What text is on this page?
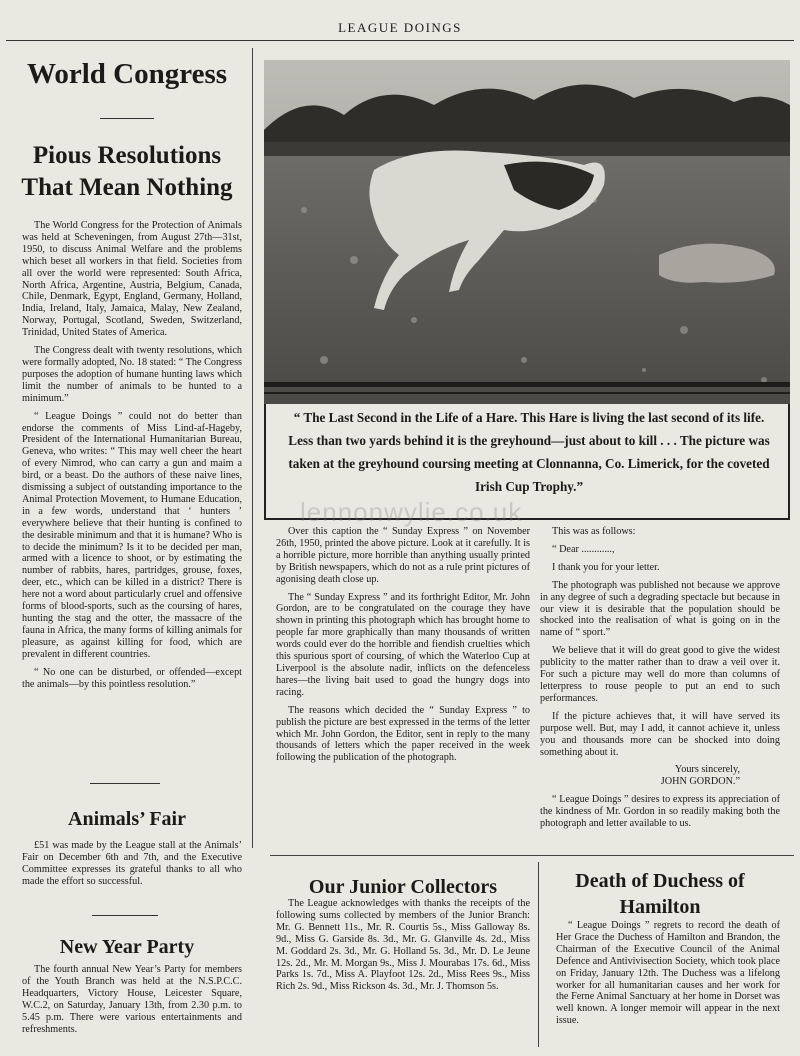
LEAGUE DOINGS
World Congress
Pious Resolutions That Mean Nothing

The World Congress for the Protection of Animals was held at Scheveningen, from August 27th—31st, 1950, to discuss Animal Welfare and the problems which beset all workers in that field. Societies from all over the world were represented: South Africa, North Africa, Argentine, Austria, Belgium, Canada, Chile, Denmark, Egypt, England, Germany, Holland, India, Ireland, Italy, Jamaica, Malay, New Zealand, Norway, Portugal, Scotland, Sweden, Switzerland, Trinidad, United States of America.

The Congress dealt with twenty resolutions, which were formally adopted, No. 18 stated: “ The Congress purposes the adoption of humane hunting laws which limit the number of animals to be hunted to a minimum.”

“ League Doings ” could not do better than endorse the comments of Miss Lind-af-Hageby, President of the International Humanitarian Bureau, Geneva, who writes: “ This may well cheer the heart of every Nimrod, who can carry a gun and maim a bird, or a beast. Do the authors of these naive lines, dismissing a subject of outstanding importance to the Animal Protection Movement, to Humane Education, in a few words, understand that ‘ hunters ’ everywhere believe that their hunting is confined to the desirable minimum and that it is humane? Who is to decide the minimum? Is it to be decided per man, armed with a licence to shoot, or by estimating the number of rabbits, hares, partridges, grouse, foxes, deer, etc., which can be killed in a district? There is here not a word about particularly cruel and offensive forms of blood-sports, such as the coursing of hares, hunting the stag and the otter, the massacre of the fauna in Africa, the many forms of killing animals for pleasure, as against killing for food, which are prevalent in different countries.

“ No one can be disturbed, or offended—except the animals—by this pointless resolution.”

Animals’ Fair

£51 was made by the League stall at the Animals’ Fair on December 6th and 7th, and the Executive Committee expresses its grateful thanks to all who made the effort so successful.

New Year Party

The fourth annual New Year’s Party for members of the Youth Branch was held at the N.S.P.C.C. Headquarters, Victory House, Leicester Square, W.C.2, on Saturday, January 13th, from 2.30 p.m. to 5.45 p.m. There were various entertainments and refreshments.

“ The Last Second in the Life of a Hare. This Hare is living the last second of its life. Less than two yards behind it is the greyhound—just about to kill . . . The picture was taken at the greyhound coursing meeting at Clonnanna, Co. Limerick, for the coveted Irish Cup Trophy.”
lennonwylie.co.uk

Over this caption the “ Sunday Express ” on November 26th, 1950, printed the above picture. Look at it carefully. It is a horrible picture, more horrible than anything usually printed by British newspapers, which do not as a rule print pictures of agonising death close up.

The “ Sunday Express ” and its forthright Editor, Mr. John Gordon, are to be congratulated on the courage they have shown in printing this photograph which has brought home to people far more graphically than many thousands of written words could ever do the horrible and fiendish cruelties which this spurious sport of coursing, of which the Waterloo Cup at Liverpool is the absolute nadir, inflicts on the defenceless hares—the living bait used to goad the hungry dogs into racing.

The reasons which decided the “ Sunday Express ” to publish the picture are best expressed in the terms of the letter which Mr. John Gordon, the Editor, sent in reply to the many thousands of letters which the paper received in the week following the publication of the photograph.

This was as follows:

“ Dear ............,

I thank you for your letter.

The photograph was published not because we approve in any degree of such a degrading spectacle but because in our view it is desirable that the population should be shocked into the realisation of what is going on in the name of “ sport.”

We believe that it will do great good to give the widest publicity to the matter rather than to draw a veil over it. For such a picture may well do more than columns of letterpress to rouse people to put an end to such performances.

If the picture achieves that, it will have served its purpose well. But, may I add, it cannot achieve it, unless you and thousands more can be shocked into doing something about it.

Yours sincerely,

JOHN GORDON.”

“ League Doings ” desires to express its appreciation of the kindness of Mr. Gordon in so readily making both the photograph and letter available to us.

Our Junior Collectors

The League acknowledges with thanks the receipts of the following sums collected by members of the Junior Branch: Mr. G. Bennett 11s., Mr. R. Courtis 5s., Miss Galloway 8s. 9d., Miss G. Garside 8s. 3d., Mr. G. Glanville 4s. 2d., Miss M. Goddard 2s. 3d., Mr. G. Holland 5s. 3d., Mr. D. Le Jeune 12s. 2d., Mr. M. Morgan 9s., Miss J. Mourabas 17s. 6d., Miss Parks 1s. 7d., Miss A. Playfoot 12s. 2d., Miss Rees 9s., Miss Rich 2s. 9d., Miss Rickson 4s. 3d., Mr. J. Thomson 5s.

Death of Duchess of Hamilton

“ League Doings ” regrets to record the death of Her Grace the Duchess of Hamilton and Brandon, the Chairman of the Executive Council of the Animal Defence and Antivivisection Society, which took place on Friday, January 12th. The Duchess was a lifelong worker for all humanitarian causes and her work for the Ferne Animal Sanctuary at her home in Dorset was well known. A longer memoir will appear in the next issue.
